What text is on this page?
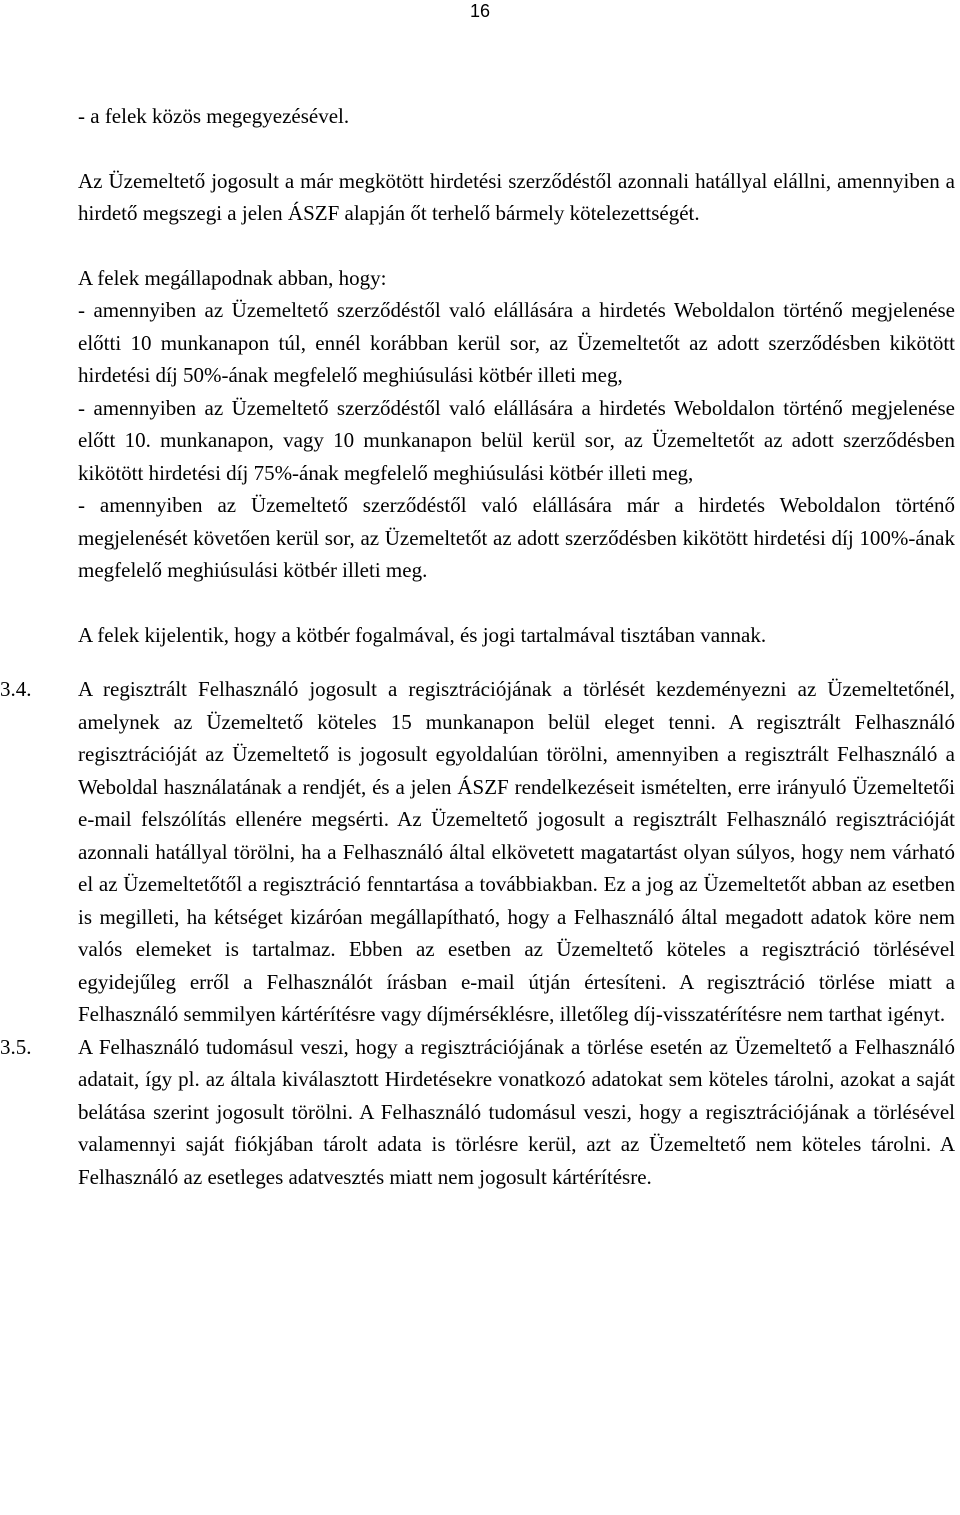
16

- a felek közös megegyezésével.

Az Üzemeltető jogosult a már megkötött hirdetési szerződéstől azonnali hatállyal elállni, amennyiben a hirdető megszegi a jelen ÁSZF alapján őt terhelő bármely kötelezettségét.

A felek megállapodnak abban, hogy:

- amennyiben az Üzemeltető szerződéstől való elállására a hirdetés Weboldalon történő megjelenése előtti 10 munkanapon túl, ennél korábban kerül sor, az Üzemeltetőt az adott szerződésben kikötött hirdetési díj 50%-ának megfelelő meghiúsulási kötbér illeti meg,

- amennyiben az Üzemeltető szerződéstől való elállására a hirdetés Weboldalon történő megjelenése előtt 10. munkanapon, vagy 10 munkanapon belül kerül sor, az Üzemeltetőt az adott szerződésben kikötött hirdetési díj 75%-ának megfelelő meghiúsulási kötbér illeti meg,

- amennyiben az Üzemeltető szerződéstől való elállására már a hirdetés Weboldalon történő megjelenését követően kerül sor, az Üzemeltetőt az adott szerződésben kikötött hirdetési díj 100%-ának megfelelő meghiúsulási kötbér illeti meg.

A felek kijelentik, hogy a kötbér fogalmával, és jogi tartalmával tisztában vannak.

3.4. A regisztrált Felhasználó jogosult a regisztrációjának a törlését kezdeményezni az Üzemeltetőnél, amelynek az Üzemeltető köteles 15 munkanapon belül eleget tenni. A regisztrált Felhasználó regisztrációját az Üzemeltető is jogosult egyoldalúan törölni, amennyiben a regisztrált Felhasználó a Weboldal használatának a rendjét, és a jelen ÁSZF rendelkezéseit ismételten, erre irányuló Üzemeltetői e-mail felszólítás ellenére megsérti. Az Üzemeltető jogosult a regisztrált Felhasználó regisztrációját azonnali hatállyal törölni, ha a Felhasználó által elkövetett magatartást olyan súlyos, hogy nem várható el az Üzemeltetőtől a regisztráció fenntartása a továbbiakban. Ez a jog az Üzemeltetőt abban az esetben is megilleti, ha kétséget kizáróan megállapítható, hogy a Felhasználó által megadott adatok köre nem valós elemeket is tartalmaz. Ebben az esetben az Üzemeltető köteles a regisztráció törlésével egyidejűleg erről a Felhasználót írásban e-mail útján értesíteni. A regisztráció törlése miatt a Felhasználó semmilyen kártérítésre vagy díjmérséklésre, illetőleg díj-visszatérítésre nem tarthat igényt.

3.5. A Felhasználó tudomásul veszi, hogy a regisztrációjának a törlése esetén az Üzemeltető a Felhasználó adatait, így pl. az általa kiválasztott Hirdetésekre vonatkozó adatokat sem köteles tárolni, azokat a saját belátása szerint jogosult törölni. A Felhasználó tudomásul veszi, hogy a regisztrációjának a törlésével valamennyi saját fiókjában tárolt adata is törlésre kerül, azt az Üzemeltető nem köteles tárolni. A Felhasználó az esetleges adatvesztés miatt nem jogosult kártérítésre.
